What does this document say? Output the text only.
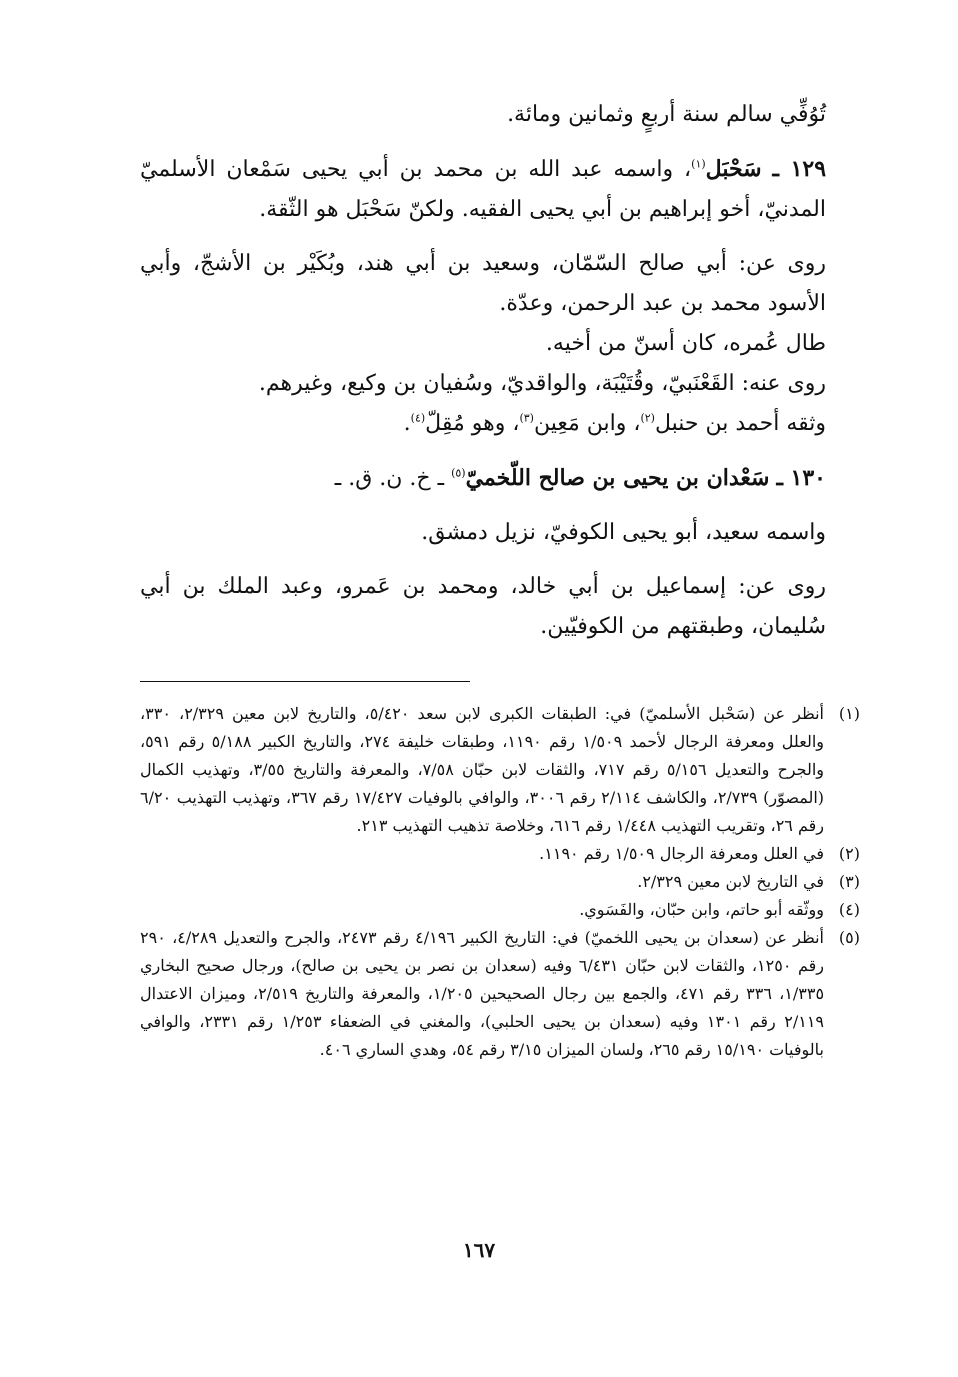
تُوُفِّي سالم سنة أربعٍ وثمانين ومائة.

١٢٩ ـ سَحْبَل$^{(١)}$، واسمه عبد الله بن محمد بن أبي يحيى سَمْعان الأسلميّ المدنيّ، أخو إبراهيم بن أبي يحيى الفقيه. ولكنّ سَحْبَل هو الثّقة.

روى عن: أبي صالح السّمّان، وسعيد بن أبي هند، وبُكَيْر بن الأشجّ، وأبي الأسود محمد بن عبد الرحمن، وعدّة.

طال عُمره، كان أسنّ من أخيه.

روى عنه: القَعْنَبيّ، وقُتَيْبَة، والواقديّ، وسُفيان بن وكيع، وغيرهم.

وثقه أحمد بن حنبل$^{(٢)}$، وابن مَعِين$^{(٣)}$، وهو مُقِلّ$^{(٤)}$.

١٣٠ ـ سَعْدان بن يحيى بن صالح اللّخميّ$^{(٥)}$ ـ خ. ن. ق. ـ

واسمه سعيد، أبو يحيى الكوفيّ، نزيل دمشق.

روى عن: إسماعيل بن أبي خالد، ومحمد بن عَمرو، وعبد الملك بن أبي سُليمان، وطبقتهم من الكوفيّين.

(١)
أنظر عن (سَحْبل الأسلميّ) في: الطبقات الكبرى لابن سعد ٥/٤٢٠، والتاريخ لابن معين ٢/٣٢٩، ٣٣٠، والعلل ومعرفة الرجال لأحمد ١/٥٠٩ رقم ١١٩٠، وطبقات خليفة ٢٧٤، والتاريخ الكبير ٥/١٨٨ رقم ٥٩١، والجرح والتعديل ٥/١٥٦ رقم ٧١٧، والثقات لابن حبّان ٧/٥٨، والمعرفة والتاريخ ٣/٥٥، وتهذيب الكمال (المصوّر) ٢/٧٣٩، والكاشف ٢/١١٤ رقم ٣٠٠٦، والوافي بالوفيات ١٧/٤٢٧ رقم ٣٦٧، وتهذيب التهذيب ٦/٢٠ رقم ٢٦، وتقريب التهذيب ١/٤٤٨ رقم ٦١٦، وخلاصة تذهيب التهذيب ٢١٣.
(٢)
في العلل ومعرفة الرجال ١/٥٠٩ رقم ١١٩٠.
(٣)
في التاريخ لابن معين ٢/٣٢٩.
(٤)
ووثّقه أبو حاتم، وابن حبّان، والفَسَوي.
(٥)
أنظر عن (سعدان بن يحيى اللخميّ) في: التاريخ الكبير ٤/١٩٦ رقم ٢٤٧٣، والجرح والتعديل ٤/٢٨٩، ٢٩٠ رقم ١٢٥٠، والثقات لابن حبّان ٦/٤٣١ وفيه (سعدان بن نصر بن يحيى بن صالح)، ورجال صحيح البخاري ١/٣٣٥، ٣٣٦ رقم ٤٧١، والجمع بين رجال الصحيحين ١/٢٠٥، والمعرفة والتاريخ ٢/٥١٩، وميزان الاعتدال ٢/١١٩ رقم ١٣٠١ وفيه (سعدان بن يحيى الحلبي)، والمغني في الضعفاء ١/٢٥٣ رقم ٢٣٣١، والوافي بالوفيات ١٥/١٩٠ رقم ٢٦٥، ولسان الميزان ٣/١٥ رقم ٥٤، وهدي الساري ٤٠٦.
١٦٧
